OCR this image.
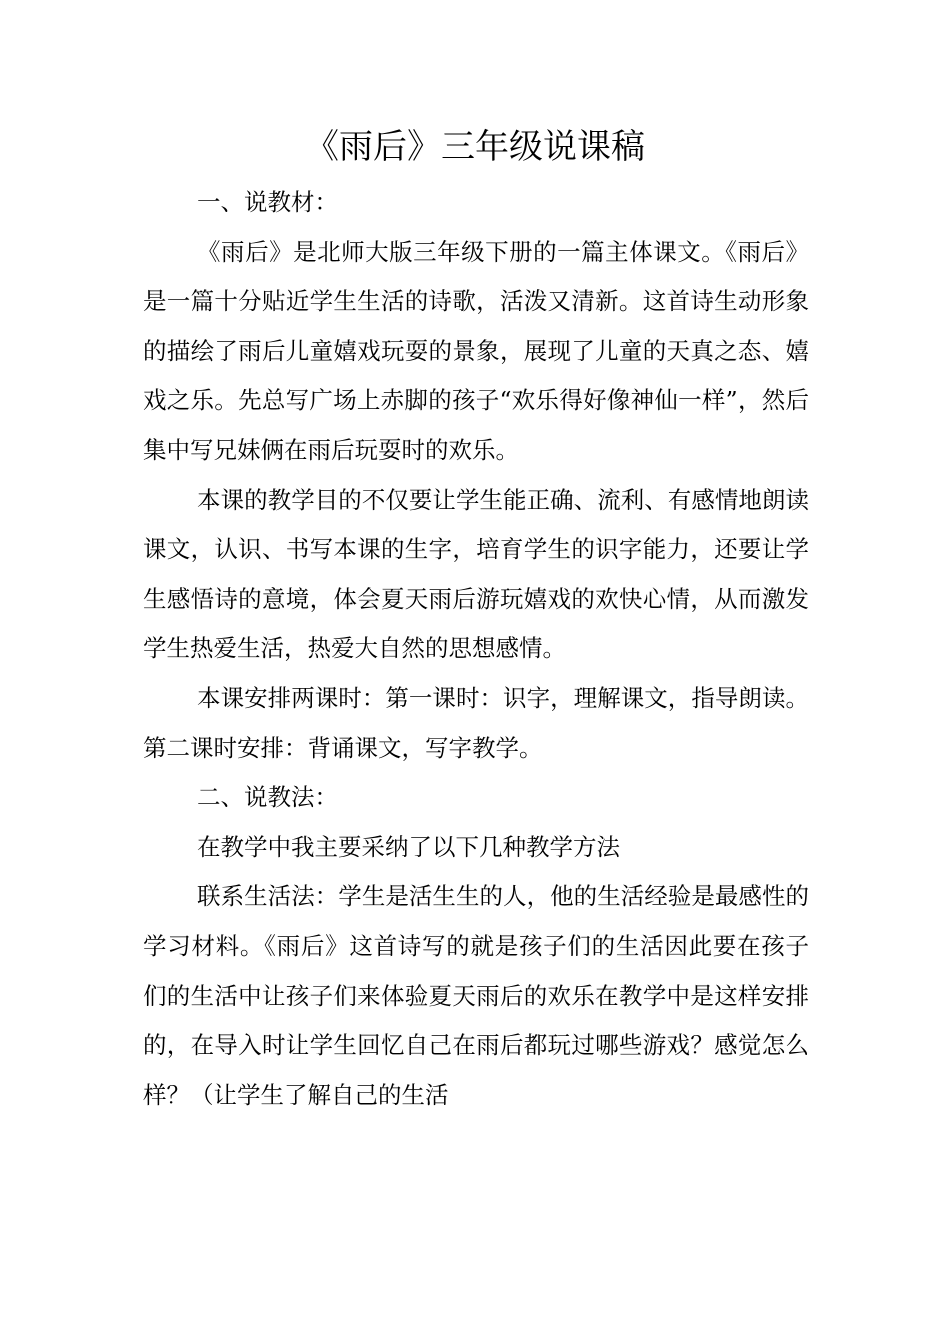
《雨后》三年级说课稿

一、说教材：

《雨后》是北师大版三年级下册的一篇主体课文。《雨后》是一篇十分贴近学生生活的诗歌，活泼又清新。这首诗生动形象的描绘了雨后儿童嬉戏玩耍的景象，展现了儿童的天真之态、嬉戏之乐。先总写广场上赤脚的孩子“欢乐得好像神仙一样”，然后集中写兄妹俩在雨后玩耍时的欢乐。

本课的教学目的不仅要让学生能正确、流利、有感情地朗读课文，认识、书写本课的生字，培育学生的识字能力，还要让学生感悟诗的意境，体会夏天雨后游玩嬉戏的欢快心情，从而激发学生热爱生活，热爱大自然的思想感情。

本课安排两课时：第一课时：识字，理解课文，指导朗读。第二课时安排：背诵课文，写字教学。

二、说教法：

在教学中我主要采纳了以下几种教学方法

联系生活法：学生是活生生的人，他的生活经验是最感性的学习材料。《雨后》这首诗写的就是孩子们的生活因此要在孩子们的生活中让孩子们来体验夏天雨后的欢乐在教学中是这样安排的，在导入时让学生回忆自己在雨后都玩过哪些游戏？感觉怎么样？（让学生了解自己的生活
